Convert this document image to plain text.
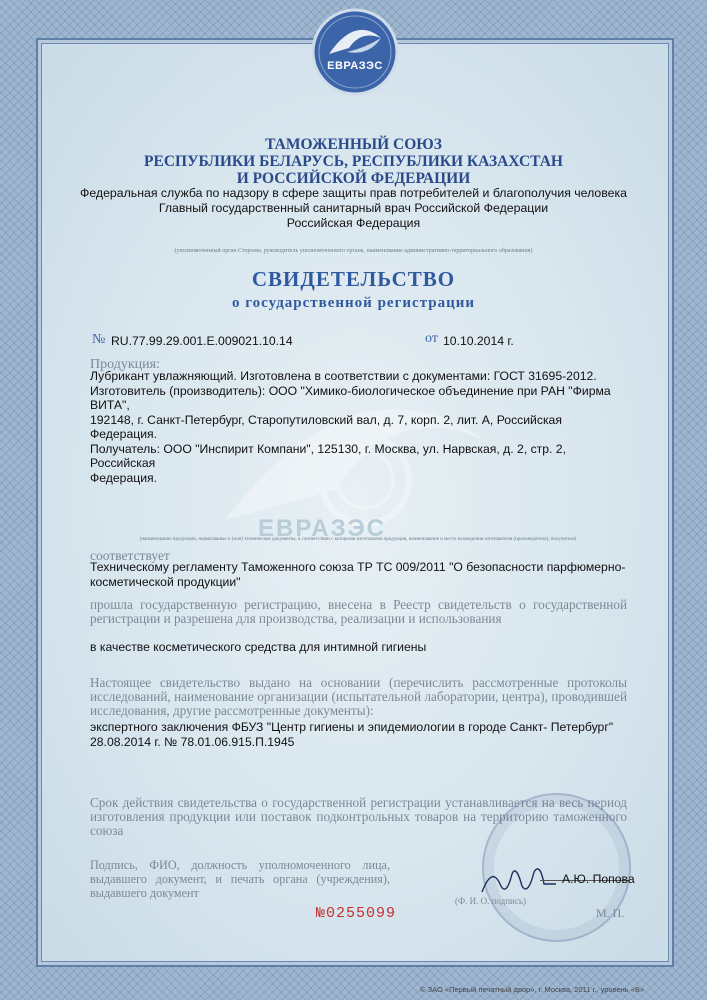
ЕВРАЗЭС
ЕВРАЗЭС
ТАМОЖЕННЫЙ СОЮЗ
РЕСПУБЛИКИ БЕЛАРУСЬ, РЕСПУБЛИКИ КАЗАХСТАН
И РОССИЙСКОЙ ФЕДЕРАЦИИ
Федеральная служба по надзору в сфере защиты прав потребителей и благополучия человека
Главный государственный санитарный врач Российской Федерации
Российская Федерация
(уполномоченный орган Стороны, руководитель уполномоченного органа, наименование административно-территориального образования)
СВИДЕТЕЛЬСТВО
о государственной регистрации
№ RU.77.99.29.001.Е.009021.10.14	от 10.10.2014 г.
Продукция:
Лубрикант увлажняющий. Изготовлена в соответствии с документами: ГОСТ 31695-2012.
Изготовитель (производитель): ООО "Химико-биологическое объединение при РАН "Фирма ВИТА",
192148, г. Санкт-Петербург, Старопутиловский вал, д. 7, корп. 2, лит. А, Российская Федерация.
Получатель: ООО "Инспирит Компани", 125130, г. Москва, ул. Нарвская, д. 2, стр. 2, Российская
Федерация.
(наименование продукции, нормативные и (или) технические документы, в соответствии с которыми изготовлена продукция, наименование и место нахождения изготовителя (производителя), получателя)
соответствует
Техническому регламенту Таможенного союза ТР ТС 009/2011 "О безопасности парфюмерно-
косметической продукции"
прошла государственную регистрацию, внесена в Реестр свидетельств о государственной регистрации и разрешена для производства, реализации и использования
в качестве косметического средства для интимной гигиены
Настоящее свидетельство выдано на основании (перечислить рассмотренные протоколы исследований, наименование организации (испытательной лаборатории, центра), проводившей исследования, другие рассмотренные документы):
экспертного заключения ФБУЗ "Центр гигиены и эпидемиологии в городе Санкт- Петербург"
28.08.2014 г. № 78.01.06.915.П.1945
Срок действия свидетельства о государственной регистрации устанавливается на весь период изготовления продукции или поставок подконтрольных товаров на территорию таможенного союза
Подпись, ФИО, должность уполномоченного лица, выдавшего документ, и печать органа (учреждения), выдавшего документ
А.Ю. Попова
(Ф. И. О. подпись)
М. П.
№0255099
© ЗАО «Первый печатный двор», г. Москва, 2011 г., уровень «В»
